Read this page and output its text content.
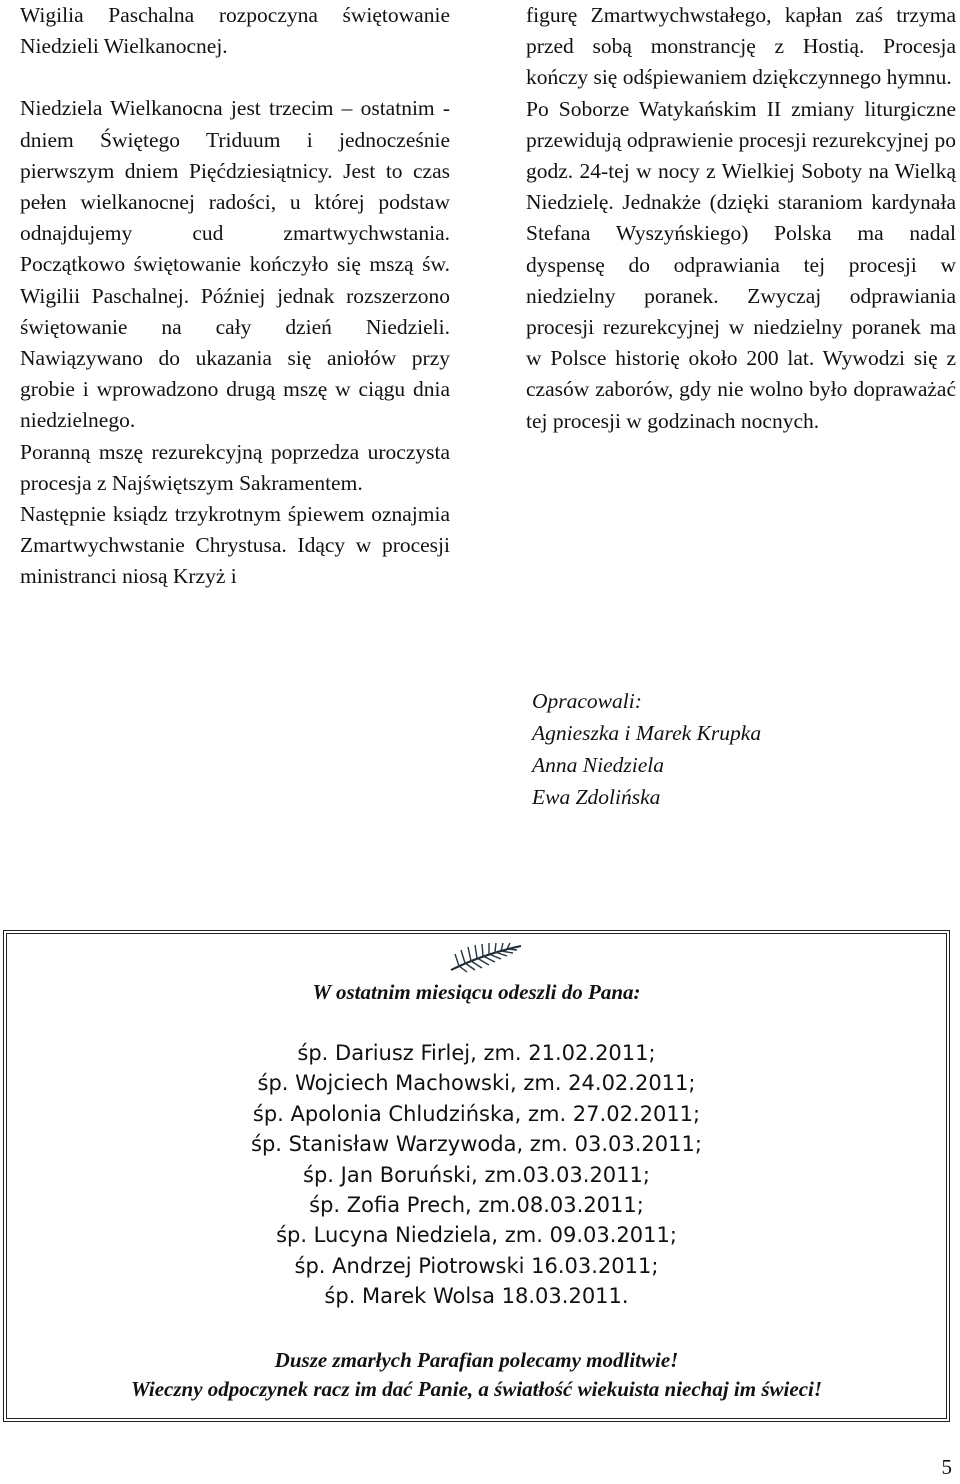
Wigilia Paschalna rozpoczyna świętowanie Niedzieli Wielkanocnej.

Niedziela Wielkanocna jest trzecim – ostatnim - dniem Świętego Triduum i jednocześnie pierwszym dniem Pięćdziesiątnicy. Jest to czas pełen wielkanocnej radości, u której podstaw odnajdujemy cud zmartwychwstania. Początkowo świętowanie kończyło się mszą św. Wigilii Paschalnej. Później jednak rozszerzono świętowanie na cały dzień Niedzieli. Nawiązywano do ukazania się aniołów przy grobie i wprowadzono drugą mszę w ciągu dnia niedzielnego.

Poranną mszę rezurekcyjną poprzedza uroczysta procesja z Najświętszym Sakramentem.

Następnie ksiądz trzykrotnym śpiewem oznajmia Zmartwychwstanie Chrystusa. Idący w procesji ministranci niosą Krzyż i

figurę Zmartwychwstałego, kapłan zaś trzyma przed sobą monstrancję z Hostią. Procesja kończy się odśpiewaniem dziękczynnego hymnu.

Po Soborze Watykańskim II zmiany liturgiczne przewidują odprawienie procesji rezurekcyjnej po godz. 24-tej w nocy z Wielkiej Soboty na Wielką Niedzielę. Jednakże (dzięki staraniom kardynała Stefana Wyszyńskiego) Polska ma nadal dyspensę do odprawiania tej procesji w niedzielny poranek. Zwyczaj odprawiania procesji rezurekcyjnej w niedzielny poranek ma w Polsce historię około 200 lat. Wywodzi się z czasów zaborów, gdy nie wolno było dopraważać tej procesji w godzinach nocnych.

Opracowali:
Agnieszka i Marek Krupka
Anna Niedziela
Ewa Zdolińska
W ostatnim miesiącu odeszli do Pana:
śp. Dariusz Firlej, zm. 21.02.2011;
śp. Wojciech Machowski, zm. 24.02.2011;
śp. Apolonia Chludzińska, zm. 27.02.2011;
śp. Stanisław Warzywoda, zm. 03.03.2011;
śp. Jan Boruński, zm.03.03.2011;
śp. Zofia Prech, zm.08.03.2011;
śp. Lucyna Niedziela, zm. 09.03.2011;
śp. Andrzej Piotrowski 16.03.2011;
śp. Marek Wolsa 18.03.2011.
Dusze zmarłych Parafian polecamy modlitwie!
Wieczny odpoczynek racz im dać Panie, a światłość wiekuista niechaj im świeci!
5
